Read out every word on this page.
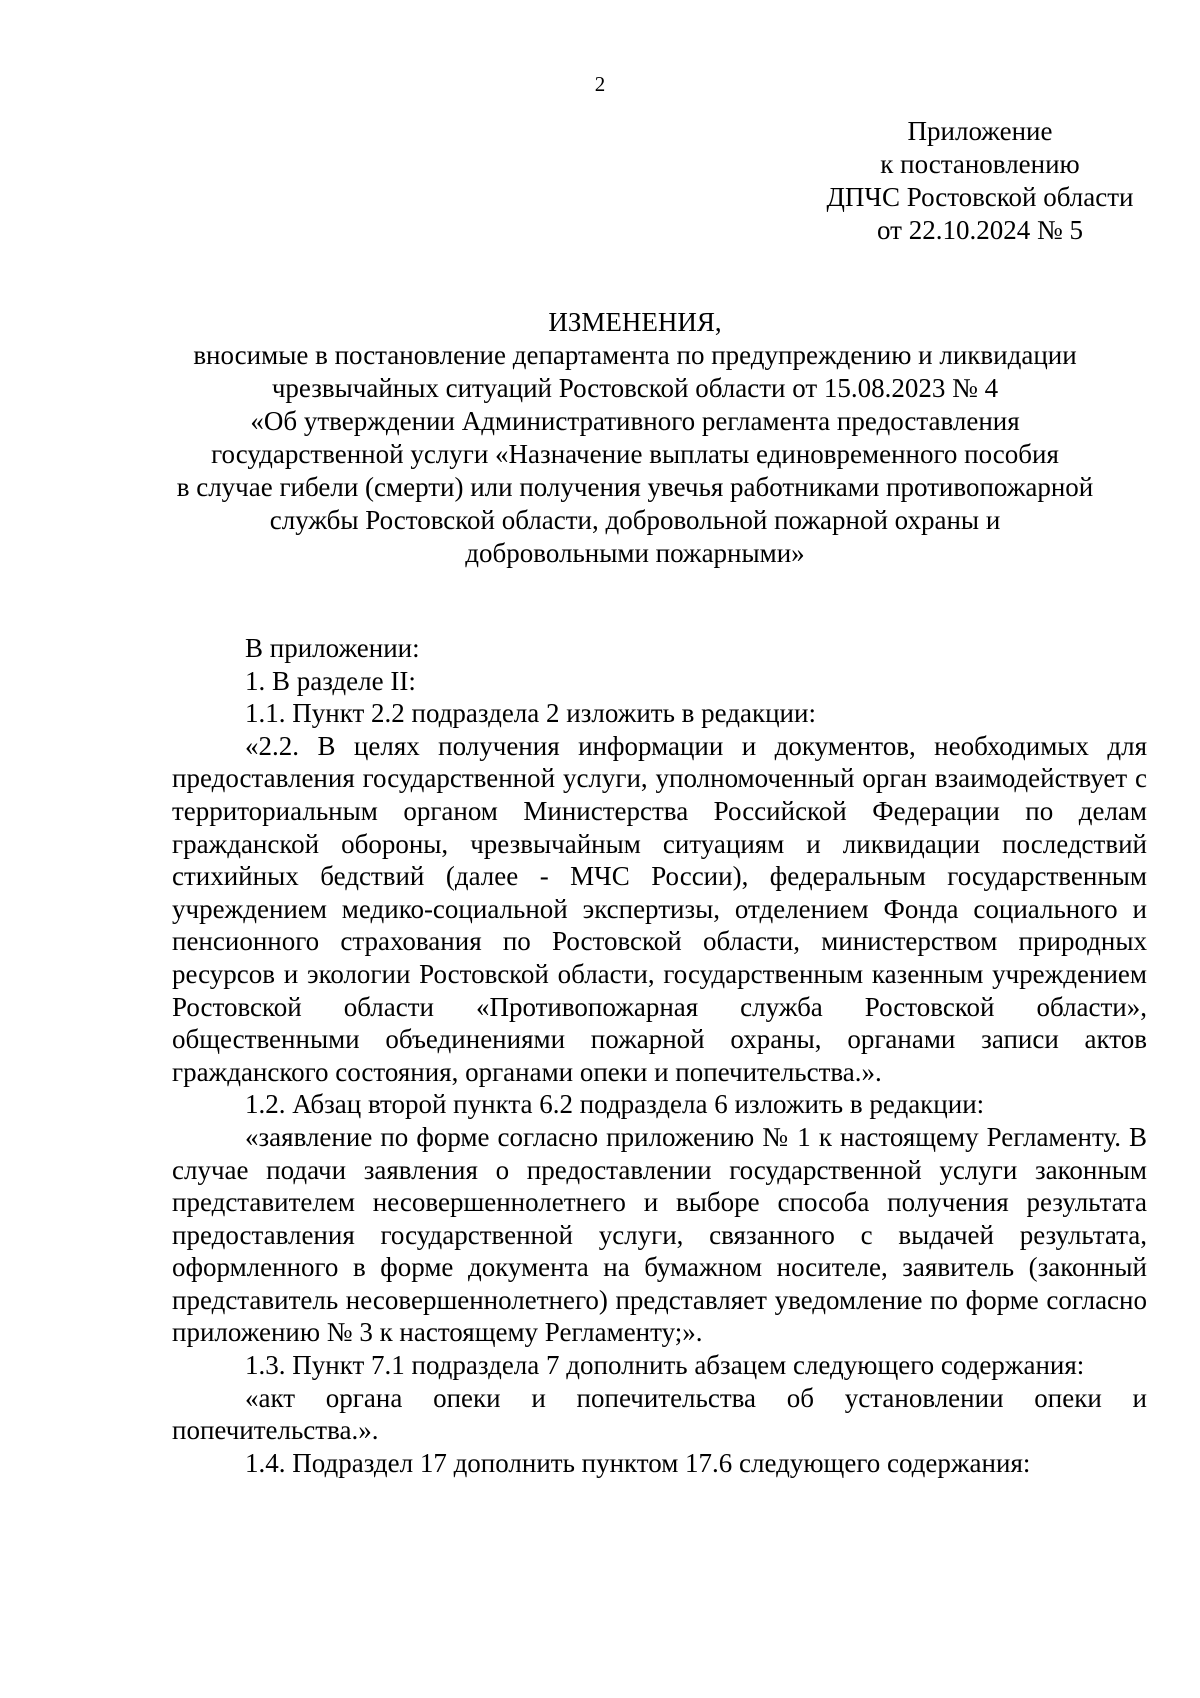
2
Приложение
к постановлению
ДПЧС Ростовской области
от 22.10.2024 № 5
ИЗМЕНЕНИЯ,
вносимые в постановление департамента по предупреждению и ликвидации
чрезвычайных ситуаций Ростовской области от 15.08.2023 № 4
«Об утверждении Административного регламента предоставления
государственной услуги «Назначение выплаты единовременного пособия
в случае гибели (смерти) или получения увечья работниками противопожарной
службы Ростовской области, добровольной пожарной охраны и
добровольными пожарными»

В приложении:

1. В разделе II:

1.1. Пункт 2.2 подраздела 2 изложить в редакции:

«2.2. В целях получения информации и документов, необходимых для предоставления государственной услуги, уполномоченный орган взаимодействует с территориальным органом Министерства Российской Федерации по делам гражданской обороны, чрезвычайным ситуациям и ликвидации последствий стихийных бедствий (далее - МЧС России), федеральным государственным учреждением медико-социальной экспертизы, отделением Фонда социального и пенсионного страхования по Ростовской области, министерством природных ресурсов и экологии Ростовской области, государственным казенным учреждением Ростовской области «Противопожарная служба Ростовской области», общественными объединениями пожарной охраны, органами записи актов гражданского состояния, органами опеки и попечительства.».

1.2. Абзац второй пункта 6.2 подраздела 6 изложить в редакции:

«заявление по форме согласно приложению № 1 к настоящему Регламенту. В случае подачи заявления о предоставлении государственной услуги законным представителем несовершеннолетнего и выборе способа получения результата предоставления государственной услуги, связанного с выдачей результата, оформленного в форме документа на бумажном носителе, заявитель (законный представитель несовершеннолетнего) представляет уведомление по форме согласно приложению № 3 к настоящему Регламенту;».

1.3. Пункт 7.1 подраздела 7 дополнить абзацем следующего содержания:

«акт органа опеки и попечительства об установлении опеки и попечительства.».

1.4. Подраздел 17 дополнить пунктом 17.6 следующего содержания:
